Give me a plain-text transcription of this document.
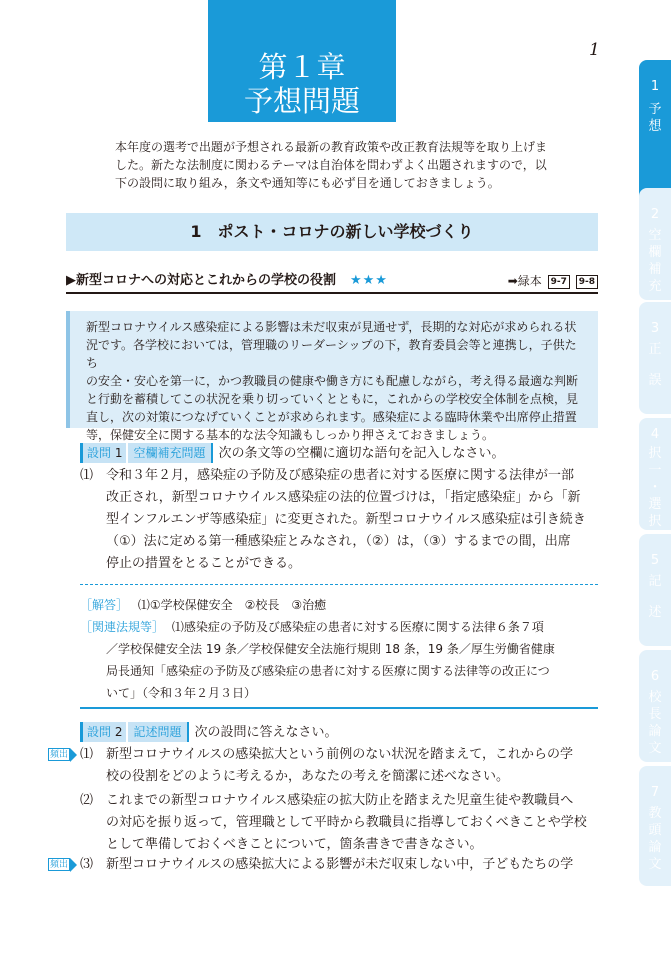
第１章
予想問題
1
1
予
想
2
空
欄
補
充
3
正
誤
4
択
一
・
選
択
5
記
述
6
校
長
論
文
7
教
頭
論
文
本年度の選考で出題が予想される最新の教育政策や改正教育法規等を取り上げま
した。新たな法制度に関わるテーマは自治体を問わずよく出題されますので，以
下の設問に取り組み，条文や通知等にも必ず目を通しておきましょう。
1　ポスト・コロナの新しい学校づくり
▶新型コロナへの対応とこれからの学校の役割 ★★★	➡緑本 9-7 9-8
新型コロナウイルス感染症による影響は未だ収束が見通せず，長期的な対応が求められる状
況です。各学校においては，管理職のリーダーシップの下，教育委員会等と連携し，子供たち
の安全・安心を第一に，かつ教職員の健康や働き方にも配慮しながら，考え得る最適な判断
と行動を蓄積してこの状況を乗り切っていくとともに，これからの学校安全体制を点検，見
直し，次の対策につなげていくことが求められます。感染症による臨時休業や出席停止措置
等，保健安全に関する基本的な法令知識もしっかり押さえておきましょう。
設問 1 空欄補充問題 次の条文等の空欄に適切な語句を記入しなさい。
⑴ 令和３年２月，感染症の予防及び感染症の患者に対する医療に関する法律が一部
改正され，新型コロナウイルス感染症の法的位置づけは，「指定感染症」から「新
型インフルエンザ等感染症」に変更された。新型コロナウイルス感染症は引き続き
（①）法に定める第一種感染症とみなされ，（②）は，（③）するまでの間，出席
停止の措置をとることができる。
［解答］ ⑴①学校保健安全　②校長　③治癒
［関連法規等］ ⑴感染症の予防及び感染症の患者に対する医療に関する法律６条７項
／学校保健安全法 19 条／学校保健安全法施行規則 18 条，19 条／厚生労働省健康
局長通知「感染症の予防及び感染症の患者に対する医療に関する法律等の改正につ
いて」（令和３年２月３日）
設問 2 記述問題 次の設問に答えなさい。
頻出 ⑴ 新型コロナウイルスの感染拡大という前例のない状況を踏まえて，これからの学
校の役割をどのように考えるか，あなたの考えを簡潔に述べなさい。
⑵ これまでの新型コロナウイルス感染症の拡大防止を踏まえた児童生徒や教職員へ
の対応を振り返って，管理職として平時から教職員に指導しておくべきことや学校
として準備しておくべきことについて，箇条書きで書きなさい。
頻出 ⑶ 新型コロナウイルスの感染拡大による影響が未だ収束しない中，子どもたちの学
